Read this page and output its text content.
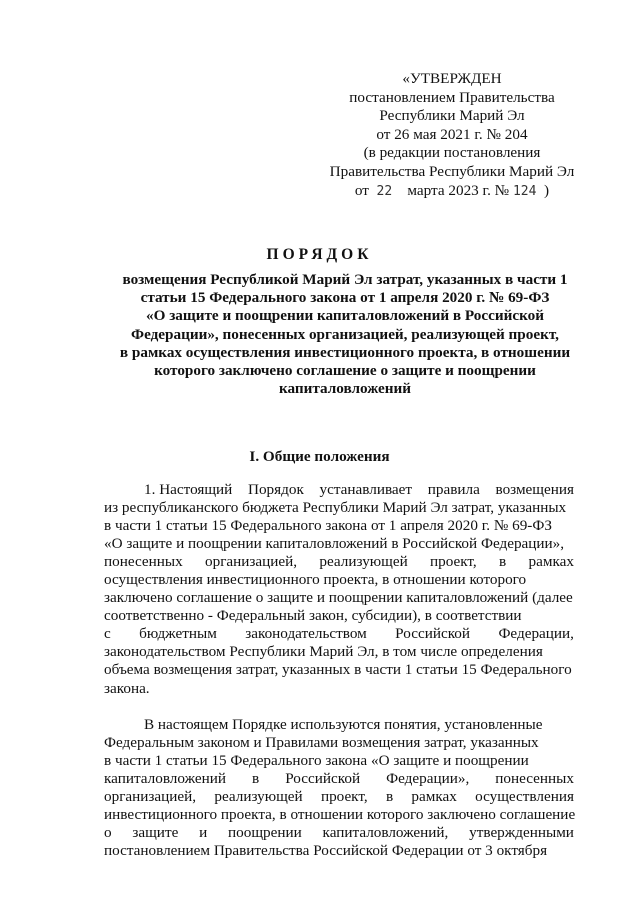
«УТВЕРЖДЕН
постановлением Правительства
Республики Марий Эл
от 26 мая 2021 г. № 204
(в редакции постановления
Правительства Республики Марий Эл
от 22 марта 2023 г. № 124 )
ПОРЯДОК
возмещения Республикой Марий Эл затрат, указанных в части 1
статьи 15 Федерального закона от 1 апреля 2020 г. № 69-ФЗ
«О защите и поощрении капиталовложений в Российской
Федерации», понесенных организацией, реализующей проект,
в рамках осуществления инвестиционного проекта, в отношении
которого заключено соглашение о защите и поощрении
капиталовложений
I. Общие положения
1. Настоящий Порядок устанавливает правила возмещения
из республиканского бюджета Республики Марий Эл затрат, указанных
в части 1 статьи 15 Федерального закона от 1 апреля 2020 г. № 69-ФЗ
«О защите и поощрении капиталовложений в Российской Федерации»,
понесенных организацией, реализующей проект, в рамках
осуществления инвестиционного проекта, в отношении которого
заключено соглашение о защите и поощрении капиталовложений (далее
соответственно - Федеральный закон, субсидии), в соответствии
с бюджетным законодательством Российской Федерации,
законодательством Республики Марий Эл, в том числе определения
объема возмещения затрат, указанных в части 1 статьи 15 Федерального
закона.
В настоящем Порядке используются понятия, установленные
Федеральным законом и Правилами возмещения затрат, указанных
в части 1 статьи 15 Федерального закона «О защите и поощрении
капиталовложений в Российской Федерации», понесенных
организацией, реализующей проект, в рамках осуществления
инвестиционного проекта, в отношении которого заключено соглашение
о защите и поощрении капиталовложений, утвержденными
постановлением Правительства Российской Федерации от 3 октября
